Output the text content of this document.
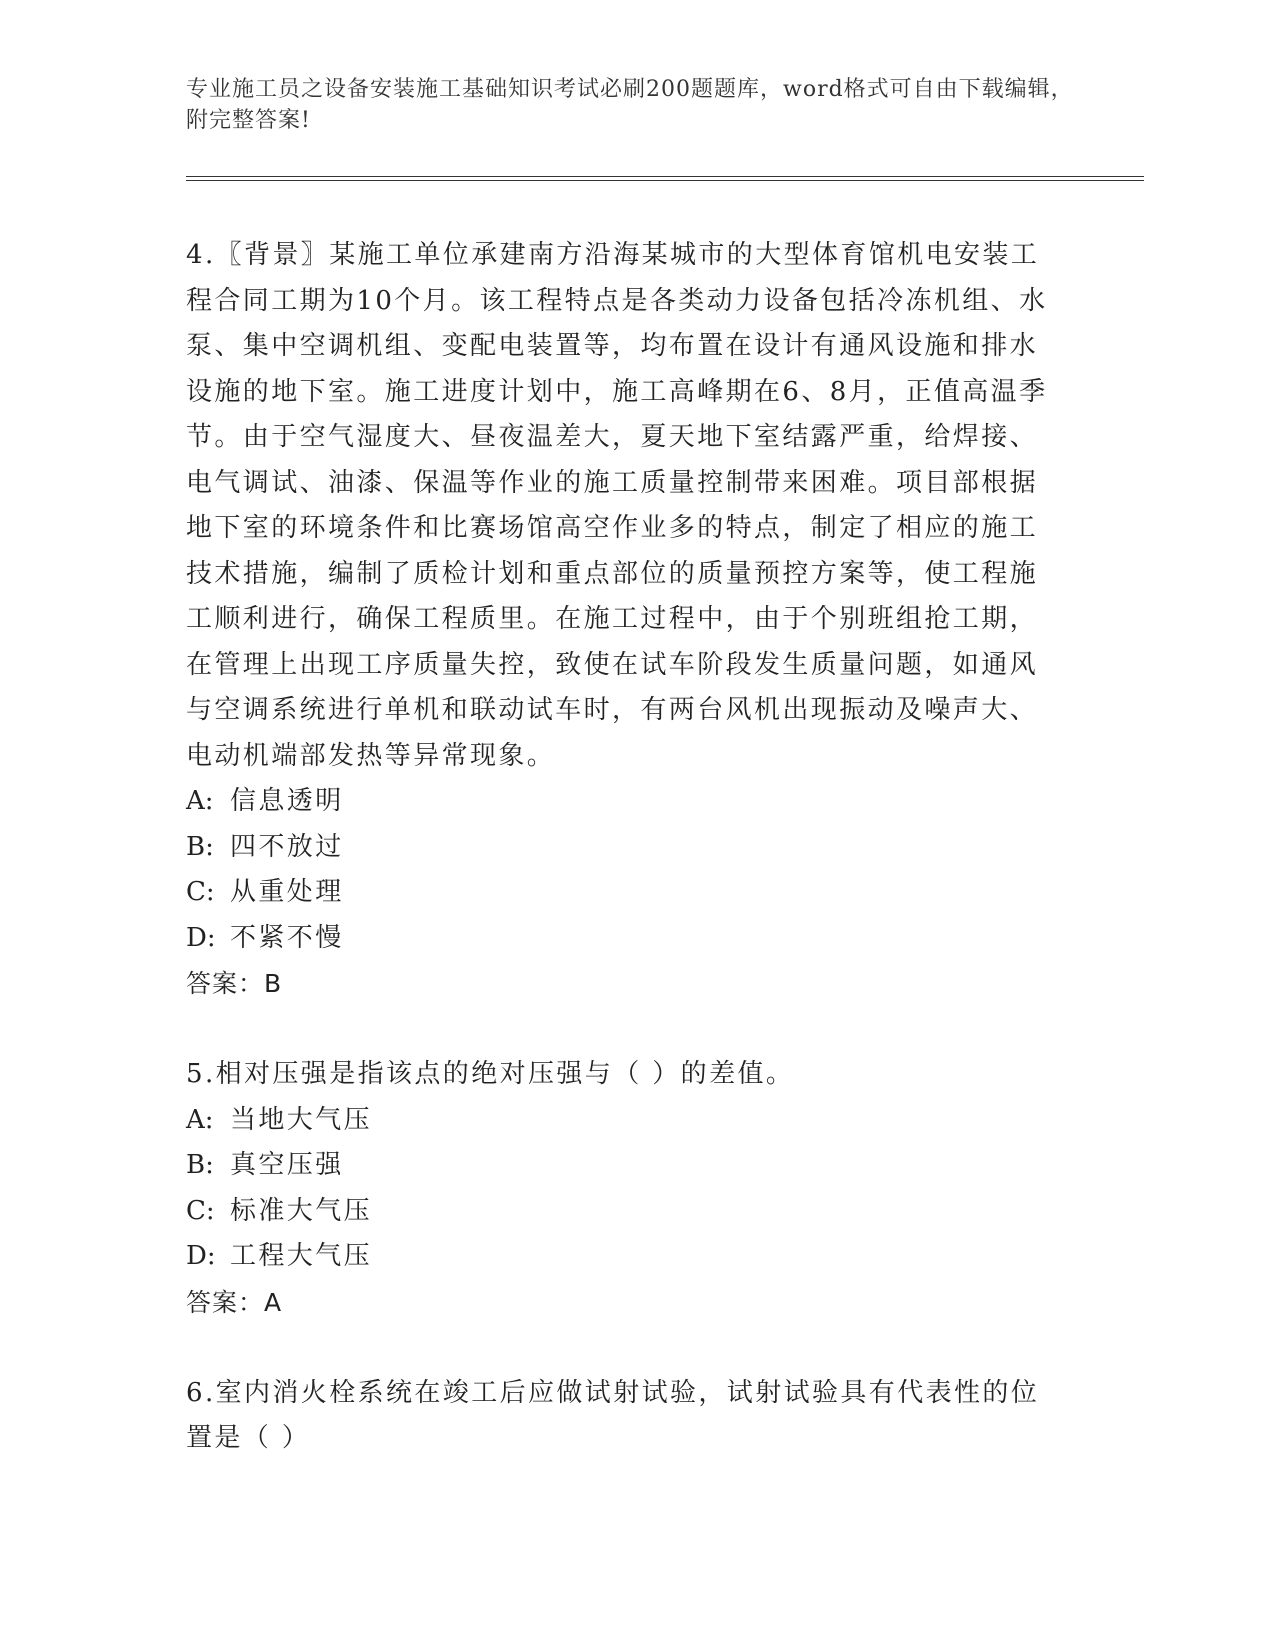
专业施工员之设备安装施工基础知识考试必刷200题题库，word格式可自由下载编辑，附完整答案!

4.〖背景〗某施工单位承建南方沿海某城市的大型体育馆机电安装工程合同工期为10个月。该工程特点是各类动力设备包括冷冻机组、水泵、集中空调机组、变配电装置等，均布置在设计有通风设施和排水设施的地下室。施工进度计划中，施工高峰期在6、8月，正值高温季节。由于空气湿度大、昼夜温差大，夏天地下室结露严重，给焊接、电气调试、油漆、保温等作业的施工质量控制带来困难。项目部根据地下室的环境条件和比赛场馆高空作业多的特点，制定了相应的施工技术措施，编制了质检计划和重点部位的质量预控方案等，使工程施工顺利进行，确保工程质里。在施工过程中，由于个别班组抢工期，在管理上出现工序质量失控，致使在试车阶段发生质量问题，如通风与空调系统进行单机和联动试车时，有两台风机出现振动及噪声大、电动机端部发热等异常现象。

A: 信息透明

B: 四不放过

C: 从重处理

D: 不紧不慢

答案：B

5.相对压强是指该点的绝对压强与（ ）的差值。

A: 当地大气压

B: 真空压强

C: 标准大气压

D: 工程大气压

答案：A

6.室内消火栓系统在竣工后应做试射试验，试射试验具有代表性的位置是（ ）
